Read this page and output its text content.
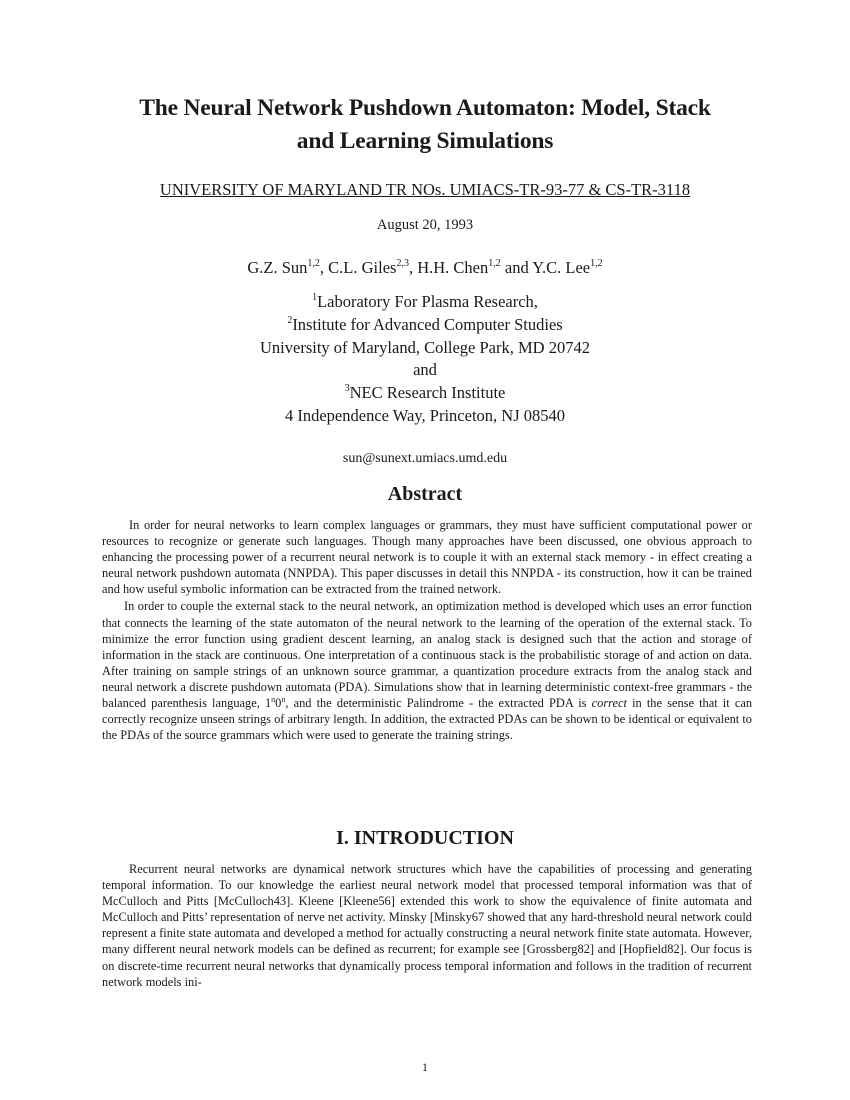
The Neural Network Pushdown Automaton: Model, Stack
and Learning Simulations
UNIVERSITY OF MARYLAND TR NOs. UMIACS-TR-93-77 & CS-TR-3118
August 20, 1993
G.Z. Sun$^{1,2}$, C.L. Giles$^{2,3}$, H.H. Chen$^{1,2}$ and Y.C. Lee$^{1,2}$
$^1$Laboratory For Plasma Research,
$^2$Institute for Advanced Computer Studies
University of Maryland, College Park, MD 20742
and
$^3$NEC Research Institute
4 Independence Way, Princeton, NJ 08540
sun@sunext.umiacs.umd.edu
Abstract

In order for neural networks to learn complex languages or grammars, they must have sufficient computational power or resources to recognize or generate such languages. Though many approaches have been discussed, one obvious approach to enhancing the processing power of a recurrent neural network is to couple it with an external stack memory - in effect creating a neural network pushdown automata (NNPDA). This paper discusses in detail this NNPDA - its construction, how it can be trained and how useful symbolic information can be extracted from the trained network.

In order to couple the external stack to the neural network, an optimization method is developed which uses an error function that connects the learning of the state automaton of the neural network to the learning of the operation of the external stack. To minimize the error function using gradient descent learning, an analog stack is designed such that the action and storage of information in the stack are continuous. One interpretation of a continuous stack is the probabilistic storage of and action on data. After training on sample strings of an unknown source grammar, a quantization procedure extracts from the analog stack and neural network a discrete pushdown automata (PDA). Simulations show that in learning deterministic context-free grammars - the balanced parenthesis language, 1$^n$0$^n$, and the deterministic Palindrome - the extracted PDA is correct in the sense that it can correctly recognize unseen strings of arbitrary length. In addition, the extracted PDAs can be shown to be identical or equivalent to the PDAs of the source grammars which were used to generate the training strings.

I. INTRODUCTION

Recurrent neural networks are dynamical network structures which have the capabilities of processing and generating temporal information. To our knowledge the earliest neural network model that processed temporal information was that of McCulloch and Pitts [McCulloch43]. Kleene [Kleene56] extended this work to show the equivalence of finite automata and McCulloch and Pitts’ representation of nerve net activity. Minsky [Minsky67 showed that any hard-threshold neural network could represent a finite state automata and developed a method for actually constructing a neural network finite state automata. However, many different neural network models can be defined as recurrent; for example see [Grossberg82] and [Hopfield82]. Our focus is on discrete-time recurrent neural networks that dynamically process temporal information and follows in the tradition of recurrent network models ini-

1
